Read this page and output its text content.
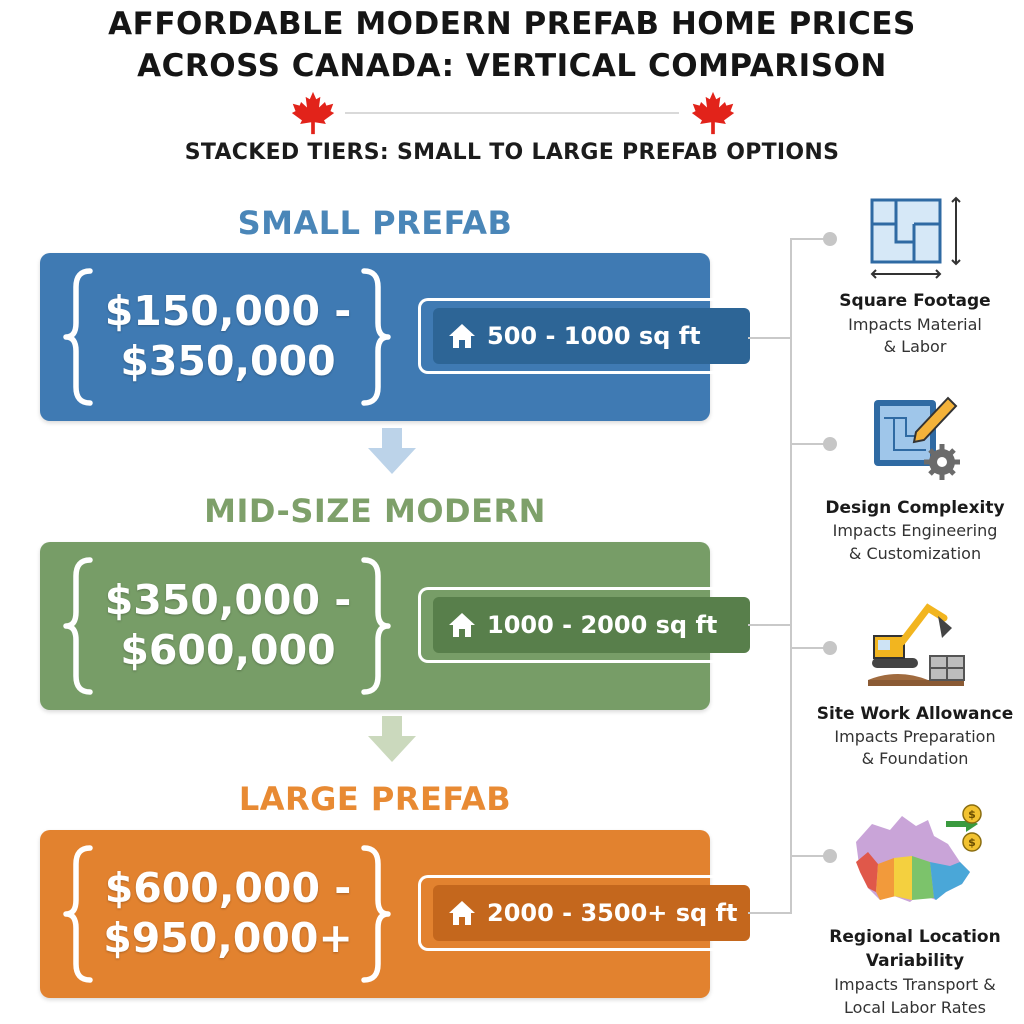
AFFORDABLE MODERN PREFAB HOME PRICES
ACROSS CANADA: VERTICAL COMPARISON
STACKED TIERS: SMALL TO LARGE PREFAB OPTIONS
SMALL PREFAB
$150,000 -
$350,000
500 - 1000 sq ft
MID-SIZE MODERN
$350,000 -
$600,000
1000 - 2000 sq ft
LARGE PREFAB
$600,000 -
$950,000+
2000 - 3500+ sq ft
Square Footage
Impacts Material
& Labor
Design Complexity
Impacts Engineering
& Customization
Site Work Allowance
Impacts Preparation
& Foundation
$
$
Regional Location
Variability
Impacts Transport &
Local Labor Rates
